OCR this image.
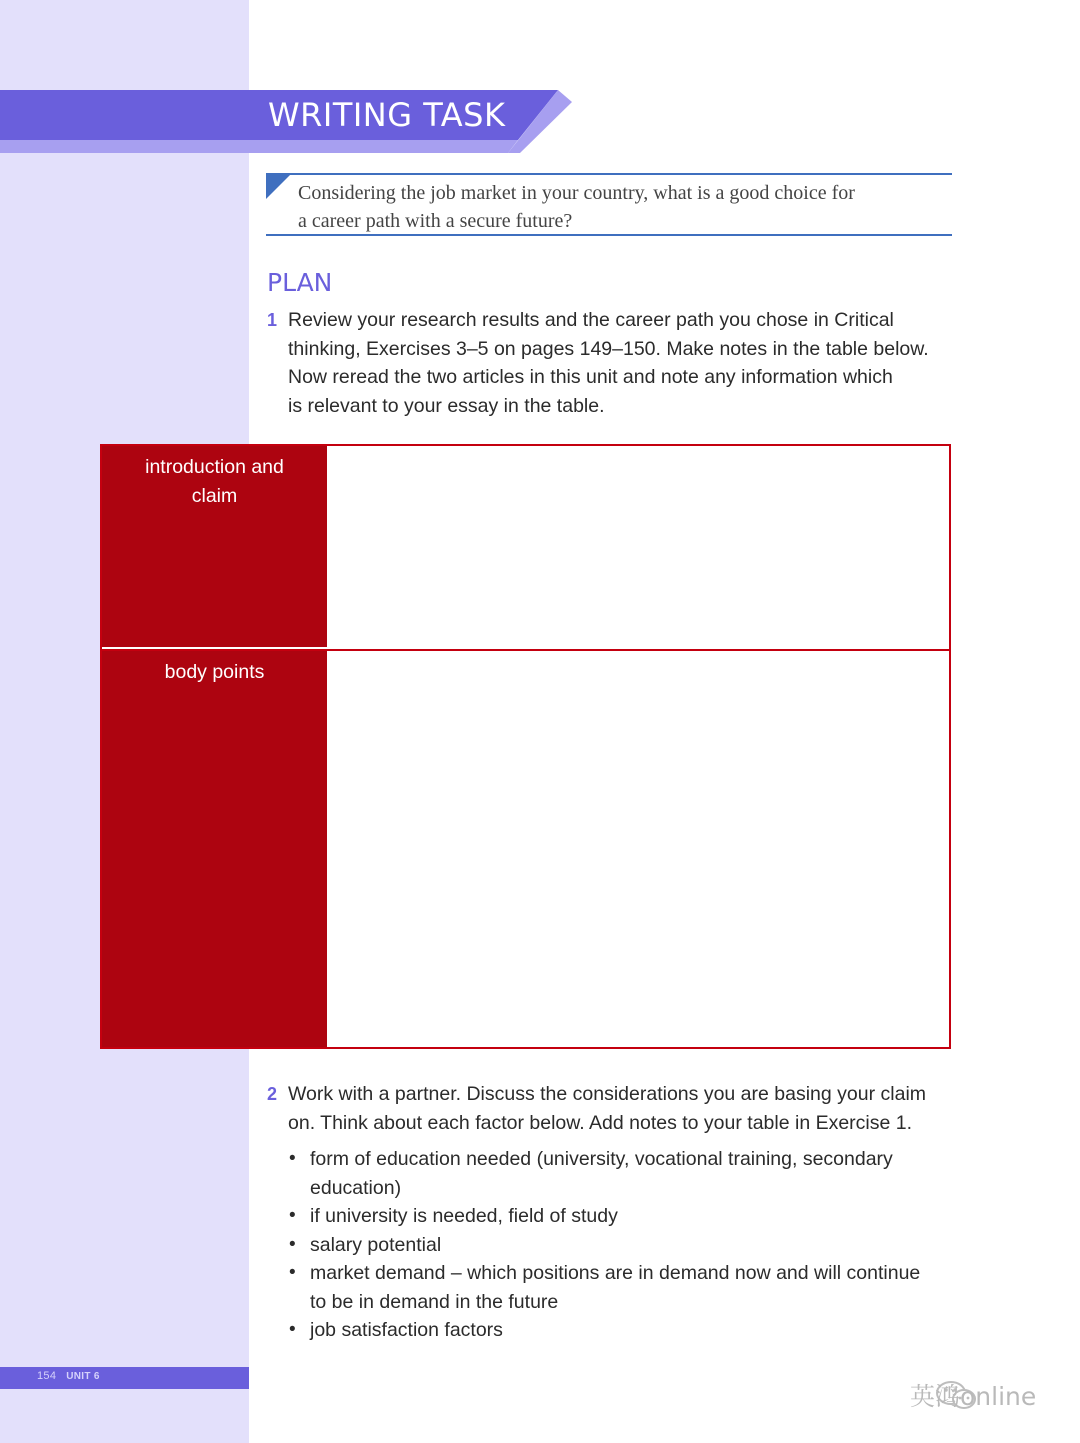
WRITING TASK
Considering the job market in your country, what is a good choice for
a career path with a secure future?
PLAN
1 Review your research results and the career path you chose in Critical
thinking, Exercises 3–5 on pages 149–150. Make notes in the table below.
Now reread the two articles in this unit and note any information which
is relevant to your essay in the table.
introduction and
claim
body points
2 Work with a partner. Discuss the considerations you are basing your claim
on. Think about each factor below. Add notes to your table in Exercise 1.
• form of education needed (university, vocational training, secondary
education)
• if university is needed, field of study
• salary potential
• market demand – which positions are in demand now and will continue
to be in demand in the future
• job satisfaction factors
154 UNIT 6
英鸿online
